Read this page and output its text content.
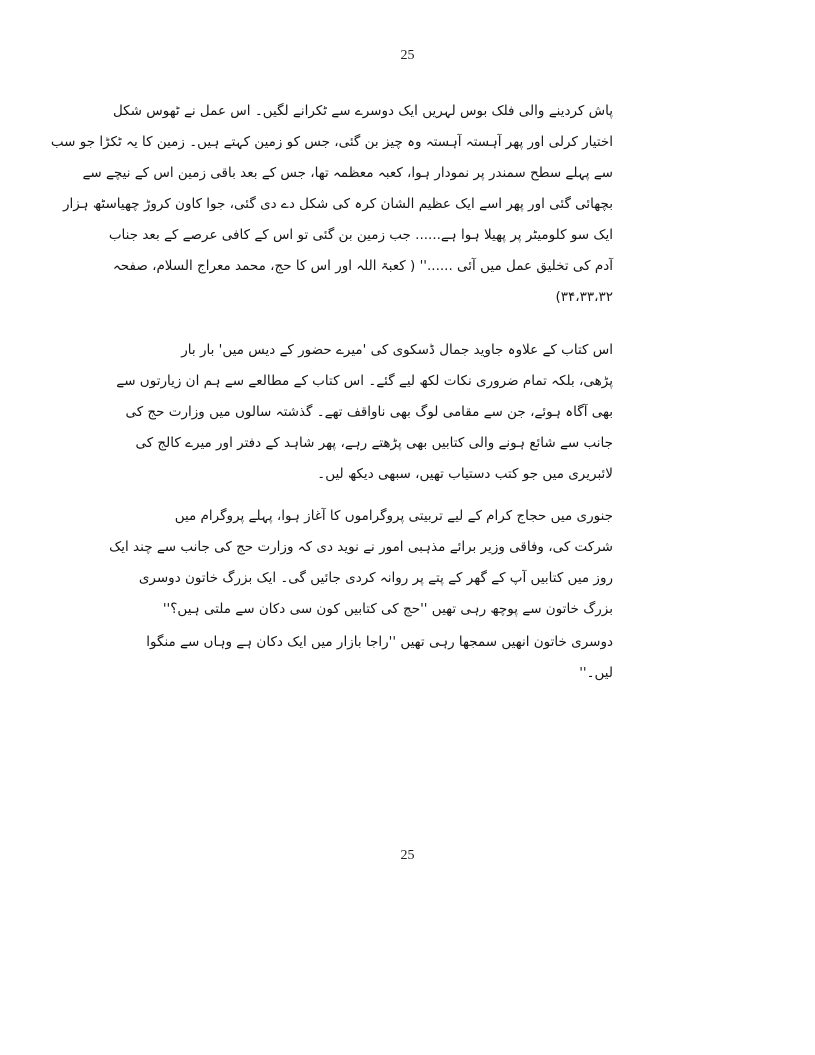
25
پاش کردینے والی فلک بوس لہریں ایک دوسرے سے ٹکرانے لگیں۔ اس عمل نے ٹھوس شکل
اختیار کرلی اور پھر آہستہ آہستہ وہ چیز بن گئی، جس کو زمین کہتے ہیں۔ زمین کا یہ ٹکڑا جو سب
سے پہلے سطح سمندر پر نمودار ہوا، کعبہ معظمہ تھا، جس کے بعد باقی زمین اس کے نیچے سے
بچھائی گئی اور پھر اسے ایک عظیم الشان کرہ کی شکل دے دی گئی، جوا کاون کروڑ چھیاسٹھ ہزار
ایک سو کلومیٹر پر پھیلا ہوا ہے...... جب زمین بن گئی تو اس کے کافی عرصے کے بعد جناب
آدم کی تخلیق عمل میں آئی ......'' ( کعبۃ اللہ اور اس کا حج، محمد معراج السلام، صفحہ
۳۴،۳۳،۳۲)
اس کتاب کے علاوہ جاوید جمال ڈسکوی کی 'میرے حضور کے دیس میں' بار بار
پڑھی، بلکہ تمام ضروری نکات لکھ لیے گئے۔ اس کتاب کے مطالعے سے ہم ان زیارتوں سے
بھی آگاہ ہوئے، جن سے مقامی لوگ بھی ناواقف تھے۔ گذشتہ سالوں میں وزارت حج کی
جانب سے شائع ہونے والی کتابیں بھی پڑھتے رہے، پھر شاہد کے دفتر اور میرے کالج کی
لائبریری میں جو کتب دستیاب تھیں، سبھی دیکھ لیں۔
جنوری میں حجاج کرام کے لیے تربیتی پروگراموں کا آغاز ہوا، پہلے پروگرام میں
شرکت کی، وفاقی وزیر برائے مذہبی امور نے نوید دی کہ وزارت حج کی جانب سے چند ایک
روز میں کتابیں آپ کے گھر کے پتے پر روانہ کردی جائیں گی۔ ایک بزرگ خاتون دوسری
بزرگ خاتون سے پوچھ رہی تھیں ''حج کی کتابیں کون سی دکان سے ملتی ہیں؟''
دوسری خاتون انھیں سمجھا رہی تھیں ''راجا بازار میں ایک دکان ہے وہاں سے منگوا
لیں۔''
25
